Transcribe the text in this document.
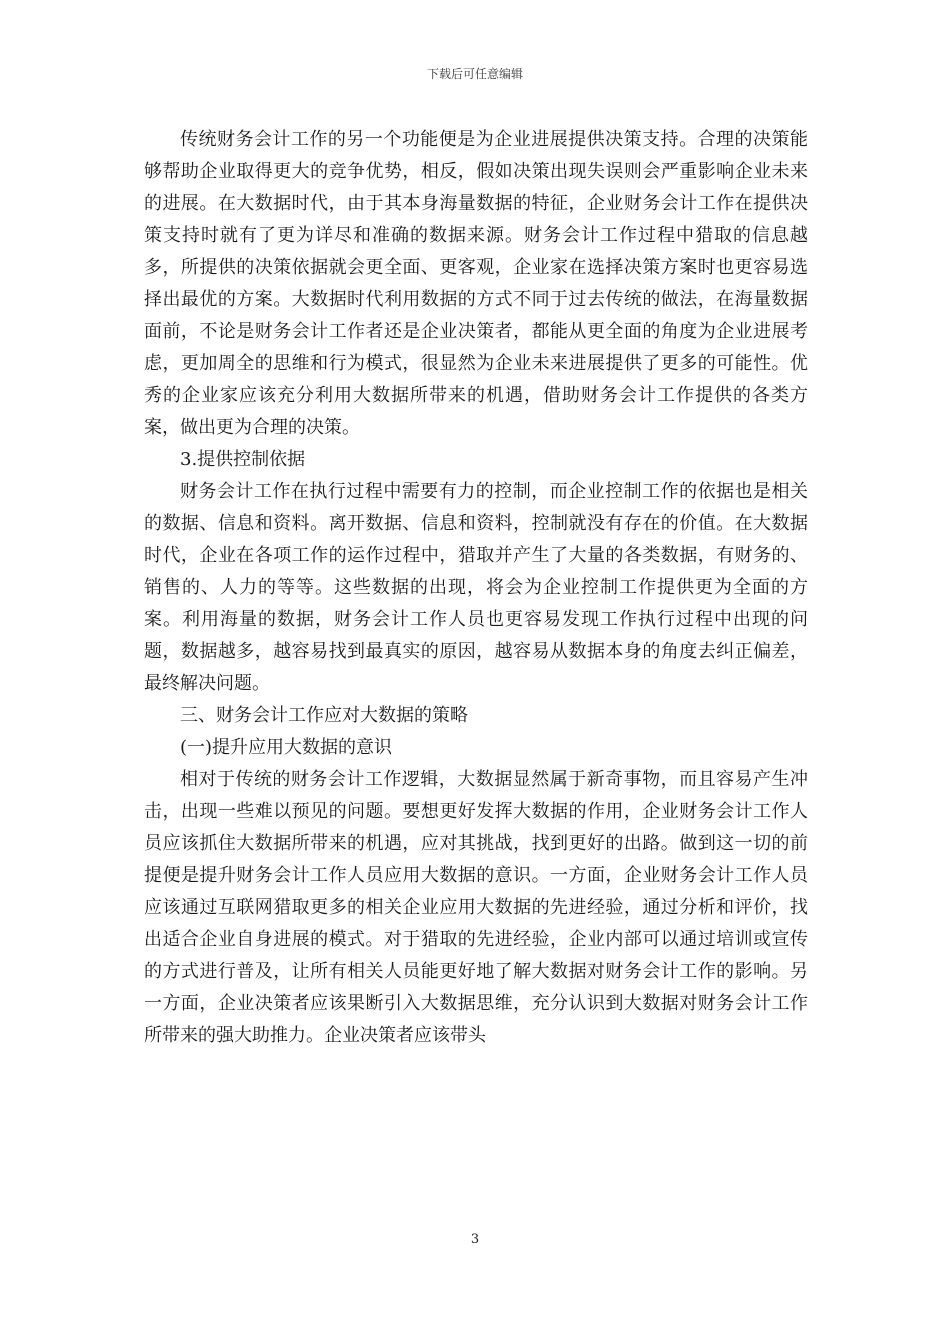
下载后可任意编辑

传统财务会计工作的另一个功能便是为企业进展提供决策支持。合理的决策能够帮助企业取得更大的竞争优势，相反，假如决策出现失误则会严重影响企业未来的进展。在大数据时代，由于其本身海量数据的特征，企业财务会计工作在提供决策支持时就有了更为详尽和准确的数据来源。财务会计工作过程中猎取的信息越多，所提供的决策依据就会更全面、更客观，企业家在选择决策方案时也更容易选择出最优的方案。大数据时代利用数据的方式不同于过去传统的做法，在海量数据面前，不论是财务会计工作者还是企业决策者，都能从更全面的角度为企业进展考虑，更加周全的思维和行为模式，很显然为企业未来进展提供了更多的可能性。优秀的企业家应该充分利用大数据所带来的机遇，借助财务会计工作提供的各类方案，做出更为合理的决策。

3.提供控制依据

财务会计工作在执行过程中需要有力的控制，而企业控制工作的依据也是相关的数据、信息和资料。离开数据、信息和资料，控制就没有存在的价值。在大数据时代，企业在各项工作的运作过程中，猎取并产生了大量的各类数据，有财务的、销售的、人力的等等。这些数据的出现，将会为企业控制工作提供更为全面的方案。利用海量的数据，财务会计工作人员也更容易发现工作执行过程中出现的问题，数据越多，越容易找到最真实的原因，越容易从数据本身的角度去纠正偏差，最终解决问题。

三、财务会计工作应对大数据的策略

(一)提升应用大数据的意识

相对于传统的财务会计工作逻辑，大数据显然属于新奇事物，而且容易产生冲击，出现一些难以预见的问题。要想更好发挥大数据的作用，企业财务会计工作人员应该抓住大数据所带来的机遇，应对其挑战，找到更好的出路。做到这一切的前提便是提升财务会计工作人员应用大数据的意识。一方面，企业财务会计工作人员应该通过互联网猎取更多的相关企业应用大数据的先进经验，通过分析和评价，找出适合企业自身进展的模式。对于猎取的先进经验，企业内部可以通过培训或宣传的方式进行普及，让所有相关人员能更好地了解大数据对财务会计工作的影响。另一方面，企业决策者应该果断引入大数据思维，充分认识到大数据对财务会计工作所带来的强大助推力。企业决策者应该带头

3
